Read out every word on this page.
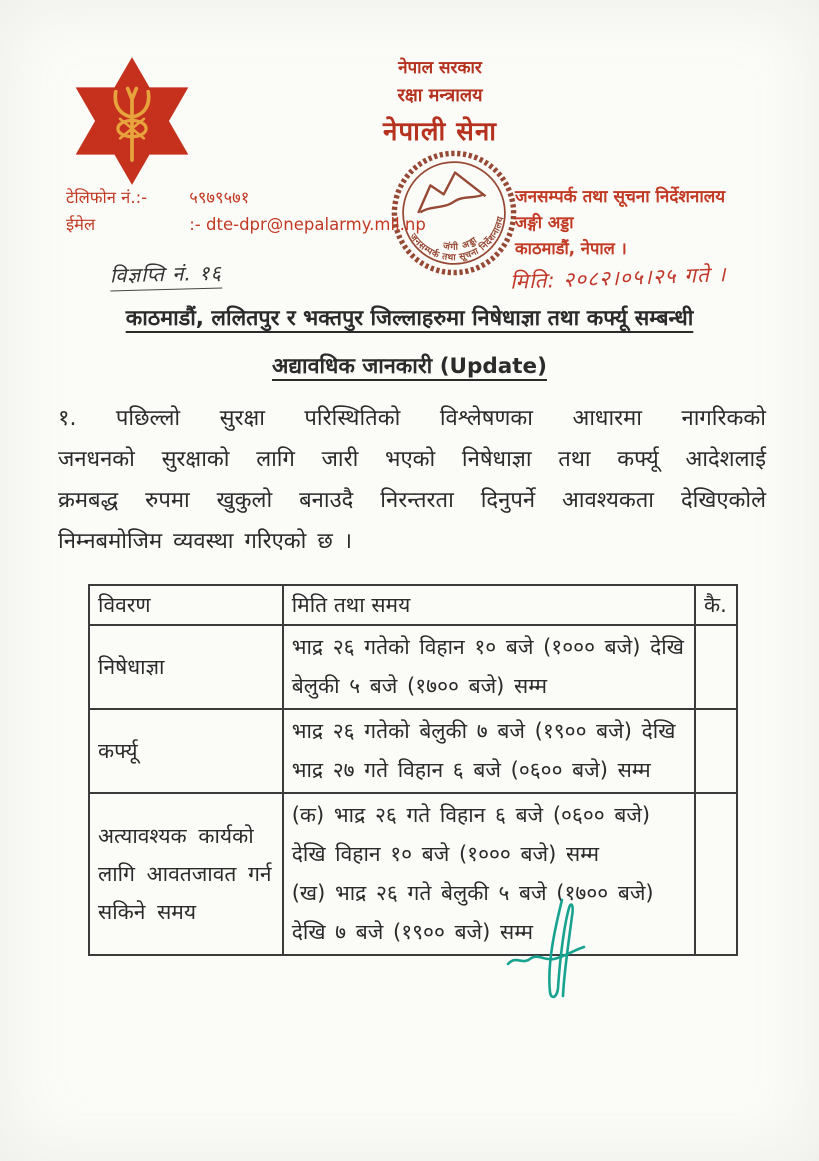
नेपाल सरकार
रक्षा मन्त्रालय
नेपाली सेना
जनसम्पर्क तथा सूचना निर्देशनालय
जंगी अड्डा
टेलिफोन नं.:-	५९७९५७१
ईमेल	:- dte-dpr@nepalarmy.mil.np
जनसम्पर्क तथा सूचना निर्देशनालय
जङ्गी अड्डा
काठमाडौं, नेपाल ।
मिति: २०८२।०५।२५ गते ।
विज्ञप्ति नं. १६
काठमाडौं, ललितपुर र भक्तपुर जिल्लाहरुमा निषेधाज्ञा तथा कर्फ्यू सम्बन्धी
अद्यावधिक जानकारी (Update)
१. पछिल्लो सुरक्षा परिस्थितिको विश्लेषणका आधारमा नागरिकको
जनधनको सुरक्षाको लागि जारी भएको निषेधाज्ञा तथा कर्फ्यू आदेशलाई
क्रमबद्ध रुपमा खुकुलो बनाउदै निरन्तरता दिनुपर्ने आवश्यकता देखिएकोले
निम्नबमोजिम व्यवस्था गरिएको छ ।
विवरण	मिति तथा समय	कै.
निषेधाज्ञा	भाद्र २६ गतेको विहान १० बजे (१००० बजे) देखि बेलुकी ५ बजे (१७०० बजे) सम्म	

कर्फ्यू	भाद्र २६ गतेको बेलुकी ७ बजे (१९०० बजे) देखि भाद्र २७ गते विहान ६ बजे (०६०० बजे) सम्म	

अत्यावश्यक कार्यको लागि आवतजावत गर्न सकिने समय	(क) भाद्र २६ गते विहान ६ बजे (०६०० बजे) देखि विहान १० बजे (१००० बजे) सम्म
(ख) भाद्र २६ गते बेलुकी ५ बजे (१७०० बजे) देखि ७ बजे (१९०० बजे) सम्म	
